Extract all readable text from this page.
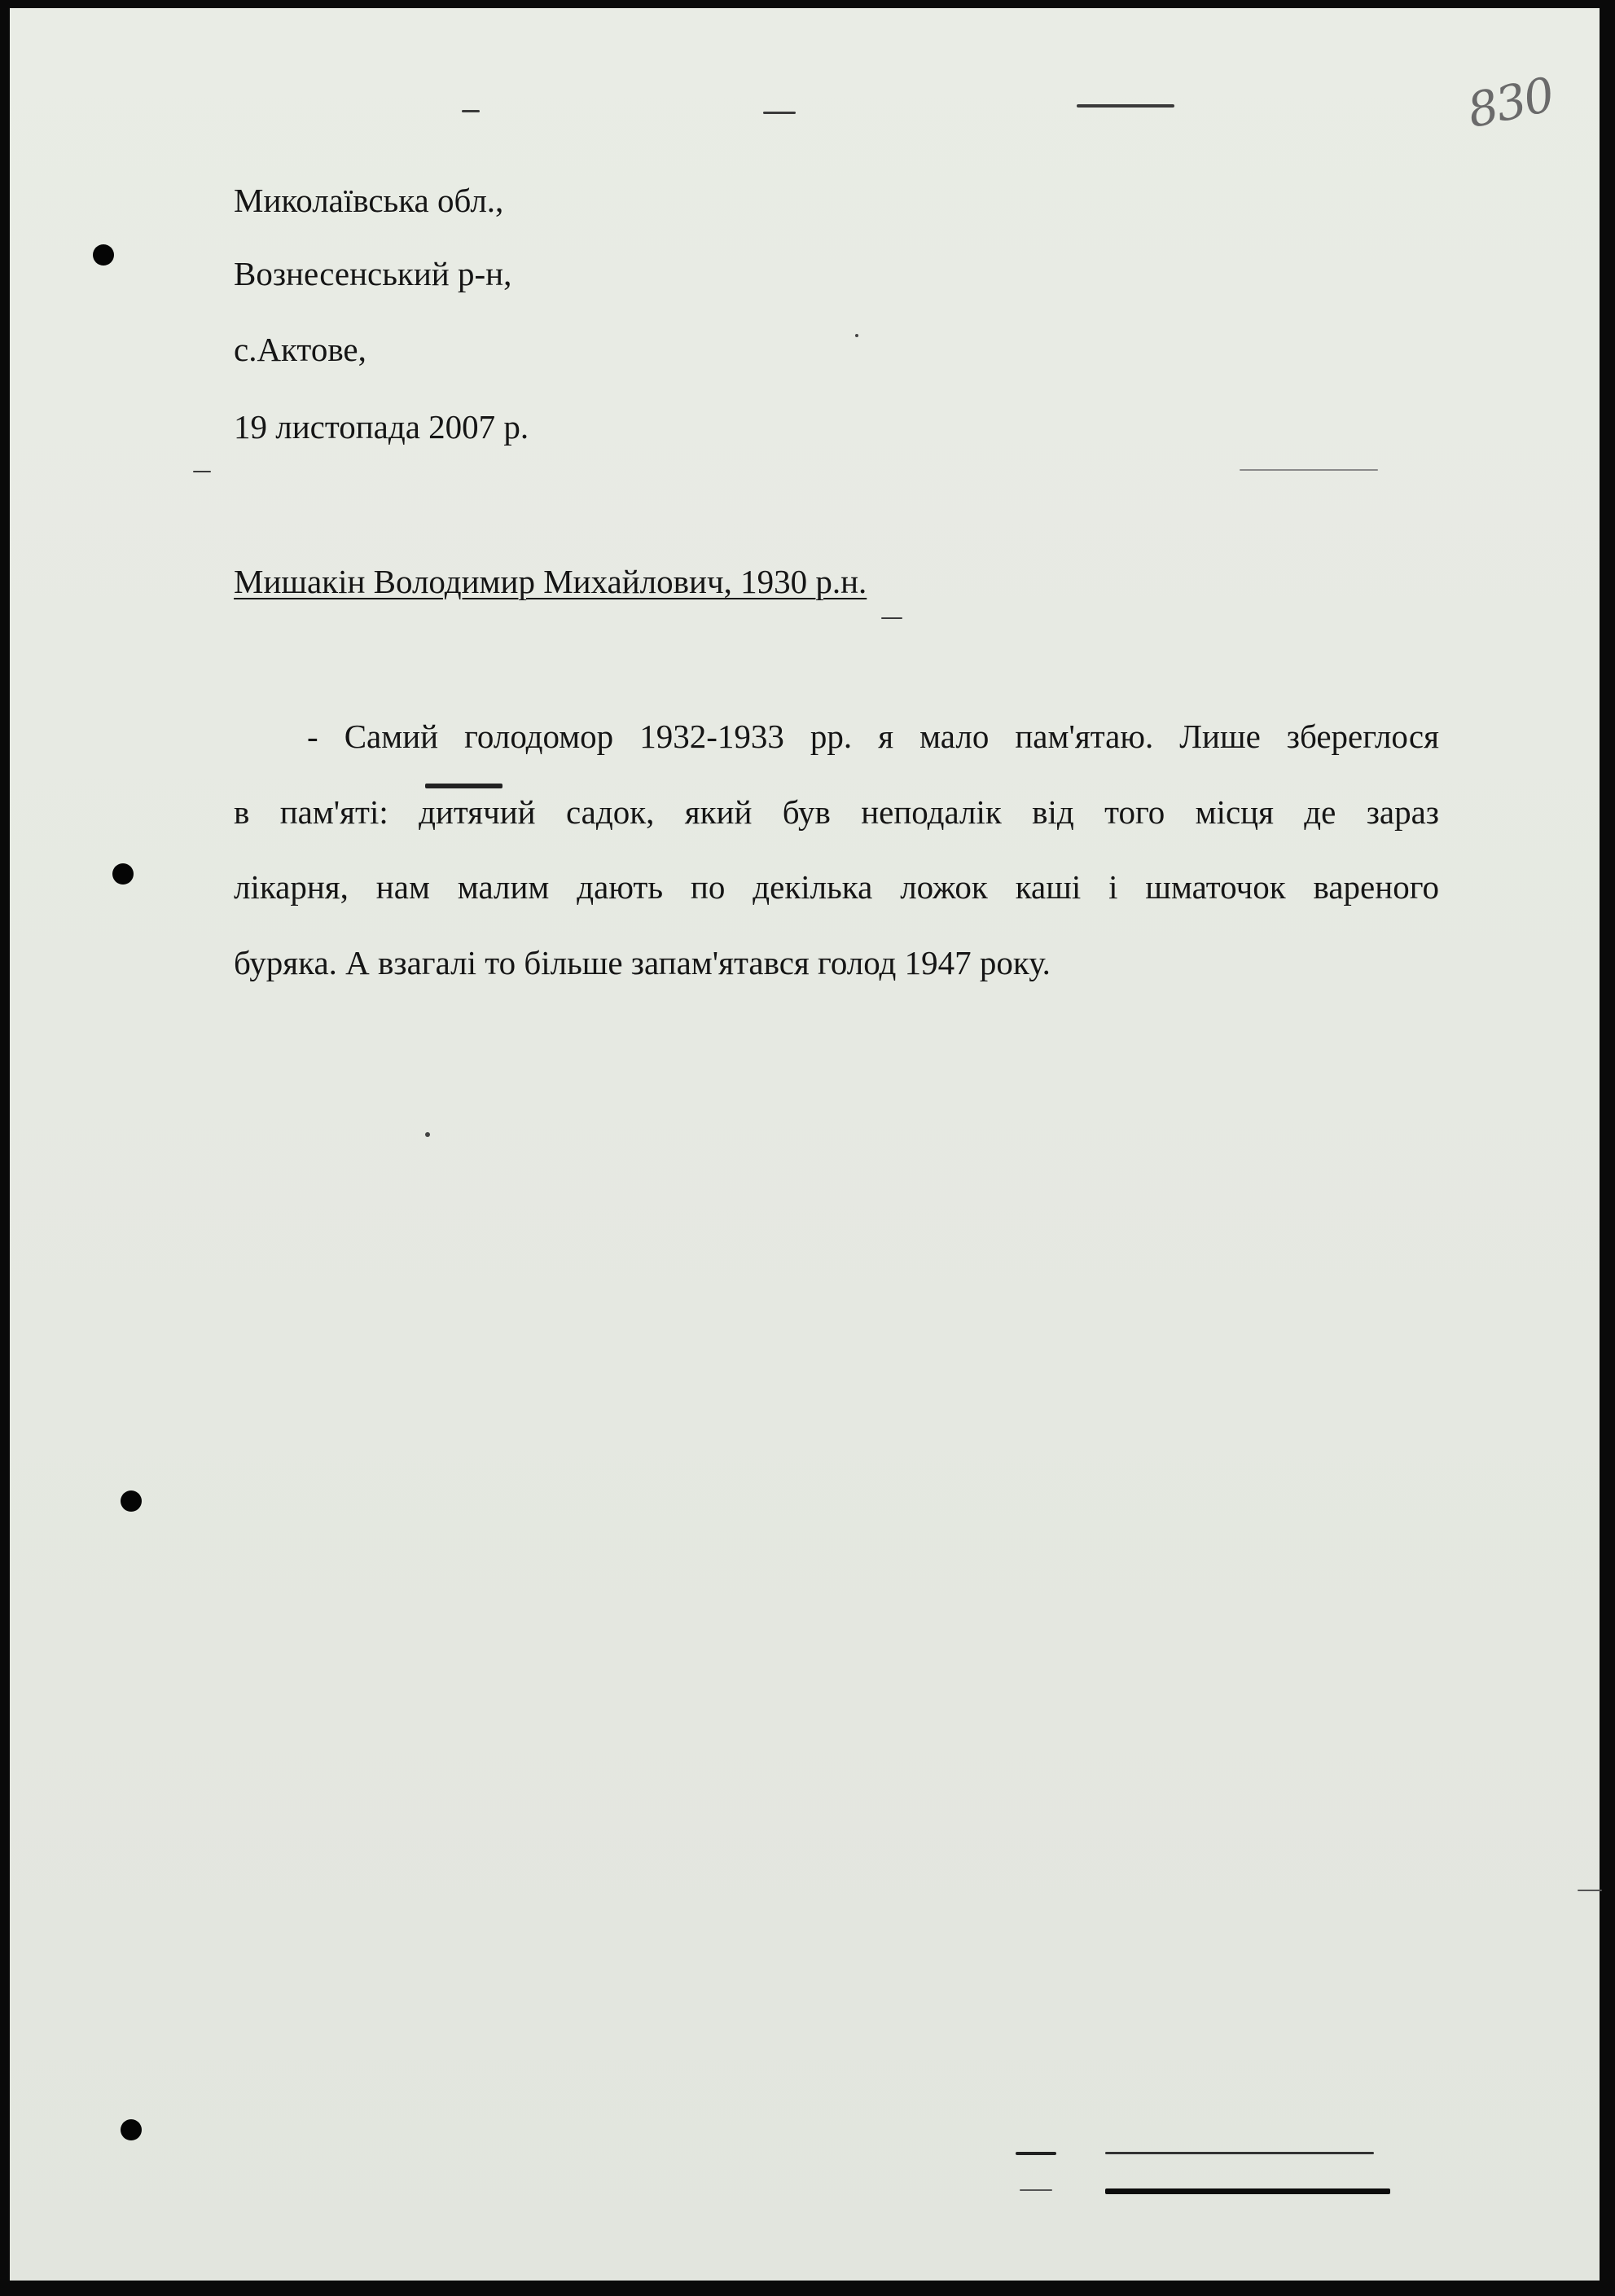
830
Миколаївська обл.,
Вознесенський р-н,
с.Актове,
19 листопада 2007 р.
Мишакін Володимир Михайлович, 1930 р.н.
- Самий голодомор 1932-1933 рр. я мало пам'ятаю. Лише збереглося
в пам'яті: дитячий садок, який був неподалік від того місця де зараз
лікарня, нам малим дають по декілька ложок каші і шматочок вареного
буряка. А взагалі то більше запам'ятався голод 1947 року.
